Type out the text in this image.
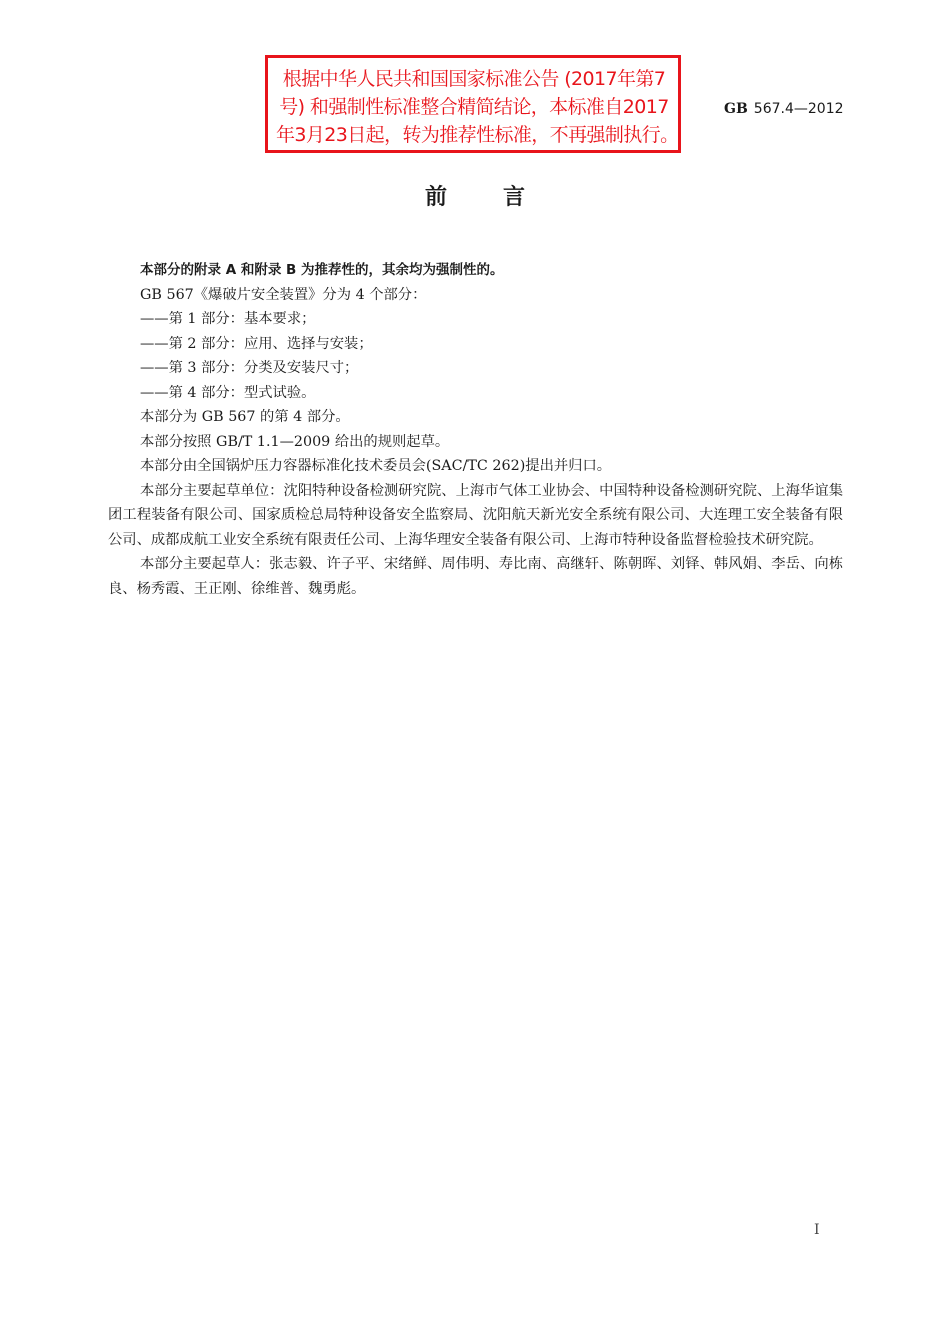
根据中华人民共和国国家标准公告 (2017年第7
号) 和强制性标准整合精简结论，本标准自2017
年3月23日起，转为推荐性标准，不再强制执行。
GB 567.4—2012
前言

本部分的附录 A 和附录 B 为推荐性的，其余均为强制性的。

GB 567《爆破片安全装置》分为 4 个部分：

——第 1 部分：基本要求；

——第 2 部分：应用、选择与安装；

——第 3 部分：分类及安装尺寸；

——第 4 部分：型式试验。

本部分为 GB 567 的第 4 部分。

本部分按照 GB/T 1.1—2009 给出的规则起草。

本部分由全国锅炉压力容器标准化技术委员会(SAC/TC 262)提出并归口。

本部分主要起草单位：沈阳特种设备检测研究院、上海市气体工业协会、中国特种设备检测研究院、上海华谊集团工程装备有限公司、国家质检总局特种设备安全监察局、沈阳航天新光安全系统有限公司、大连理工安全装备有限公司、成都成航工业安全系统有限责任公司、上海华理安全装备有限公司、上海市特种设备监督检验技术研究院。

本部分主要起草人：张志毅、许子平、宋绪鲜、周伟明、寿比南、高继轩、陈朝晖、刘铎、韩风娟、李岳、向栋良、杨秀霞、王正刚、徐维普、魏勇彪。

I
